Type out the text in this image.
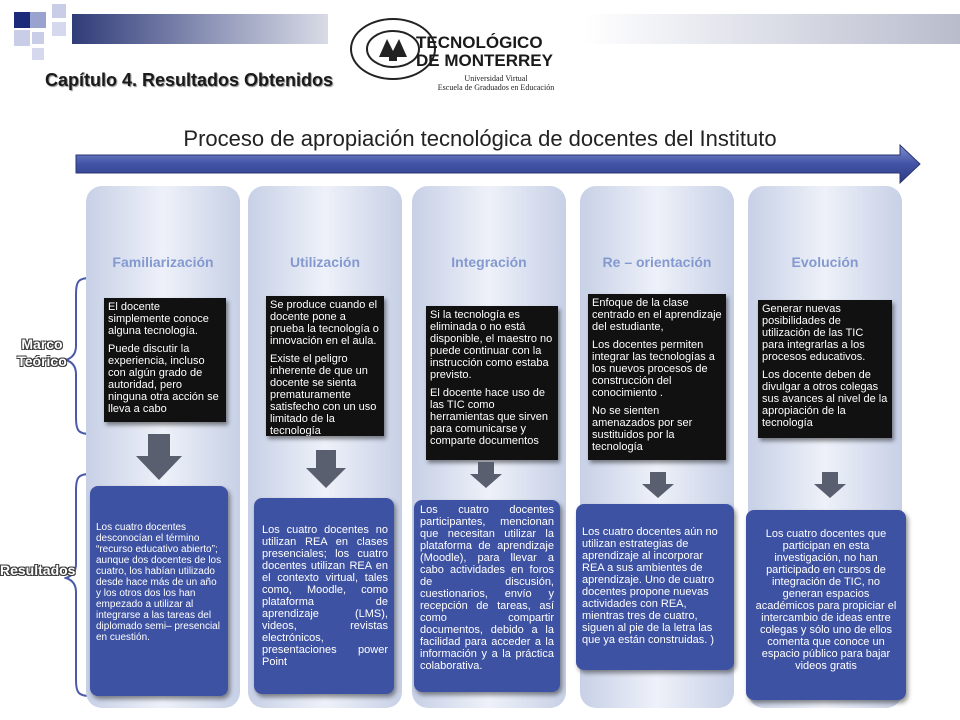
Capítulo 4. Resultados Obtenidos
TECNOLÓGICO
DE MONTERREY
Universidad Virtual
Escuela de Graduados en Educación
Proceso de apropiación tecnológica de docentes del Instituto
Marco Teórico
Resultados
Familiarización

El docente simplemente conoce alguna tecnología.

Puede discutir la experiencia, incluso con algún grado de autoridad, pero ninguna otra acción se lleva a cabo

Los cuatro docentes desconocían el término “recurso educativo abierto”; aunque dos docentes de los cuatro, los habían utilizado desde hace más de un año y los otros dos los han empezado a utilizar al integrarse a las tareas del diplomado semi– presencial en cuestión.
Utilización

Se produce cuando el docente pone a prueba la tecnología o innovación en el aula.

Existe el peligro inherente de que un docente se sienta prematuramente satisfecho con un uso limitado de la tecnología

Los cuatro docentes no utilizan REA en clases presenciales; los cuatro docentes utilizan REA en el contexto virtual, tales como, Moodle, como plataforma de aprendizaje (LMS), videos, revistas electrónicos, presentaciones power Point
Integración

Si la tecnología es eliminada o no está disponible, el maestro no puede continuar con la instrucción como estaba previsto.

El docente hace uso de las TIC como herramientas que sirven para comunicarse y comparte documentos

Los cuatro docentes participantes, mencionan que necesitan utilizar la plataforma de aprendizaje (Moodle), para llevar a cabo actividades en foros de discusión, cuestionarios, envío y recepción de tareas, así como compartir documentos, debido a la facilidad para acceder a la información y a la práctica colaborativa.
Re – orientación

Enfoque de la clase centrado en el aprendizaje del estudiante,

Los docentes permiten integrar las tecnologías a los nuevos procesos de construcción del conocimiento .

No se sienten amenazados por ser sustituidos por la tecnología

Los cuatro docentes aún no utilizan estrategias de aprendizaje al incorporar REA a sus ambientes de aprendizaje. Uno de cuatro docentes propone nuevas actividades con REA, mientras tres de cuatro, siguen al pie de la letra las que ya están construidas. )
Evolución

Generar nuevas posibilidades de utilización de las TIC para integrarlas a los procesos educativos.

Los docente deben de divulgar a otros colegas sus avances al nivel de la apropiación de la tecnología

Los cuatro docentes que participan en esta investigación, no han participado en cursos de integración de TIC, no generan espacios académicos para propiciar el intercambio de ideas entre colegas y sólo uno de ellos comenta que conoce un espacio público para bajar videos gratis
